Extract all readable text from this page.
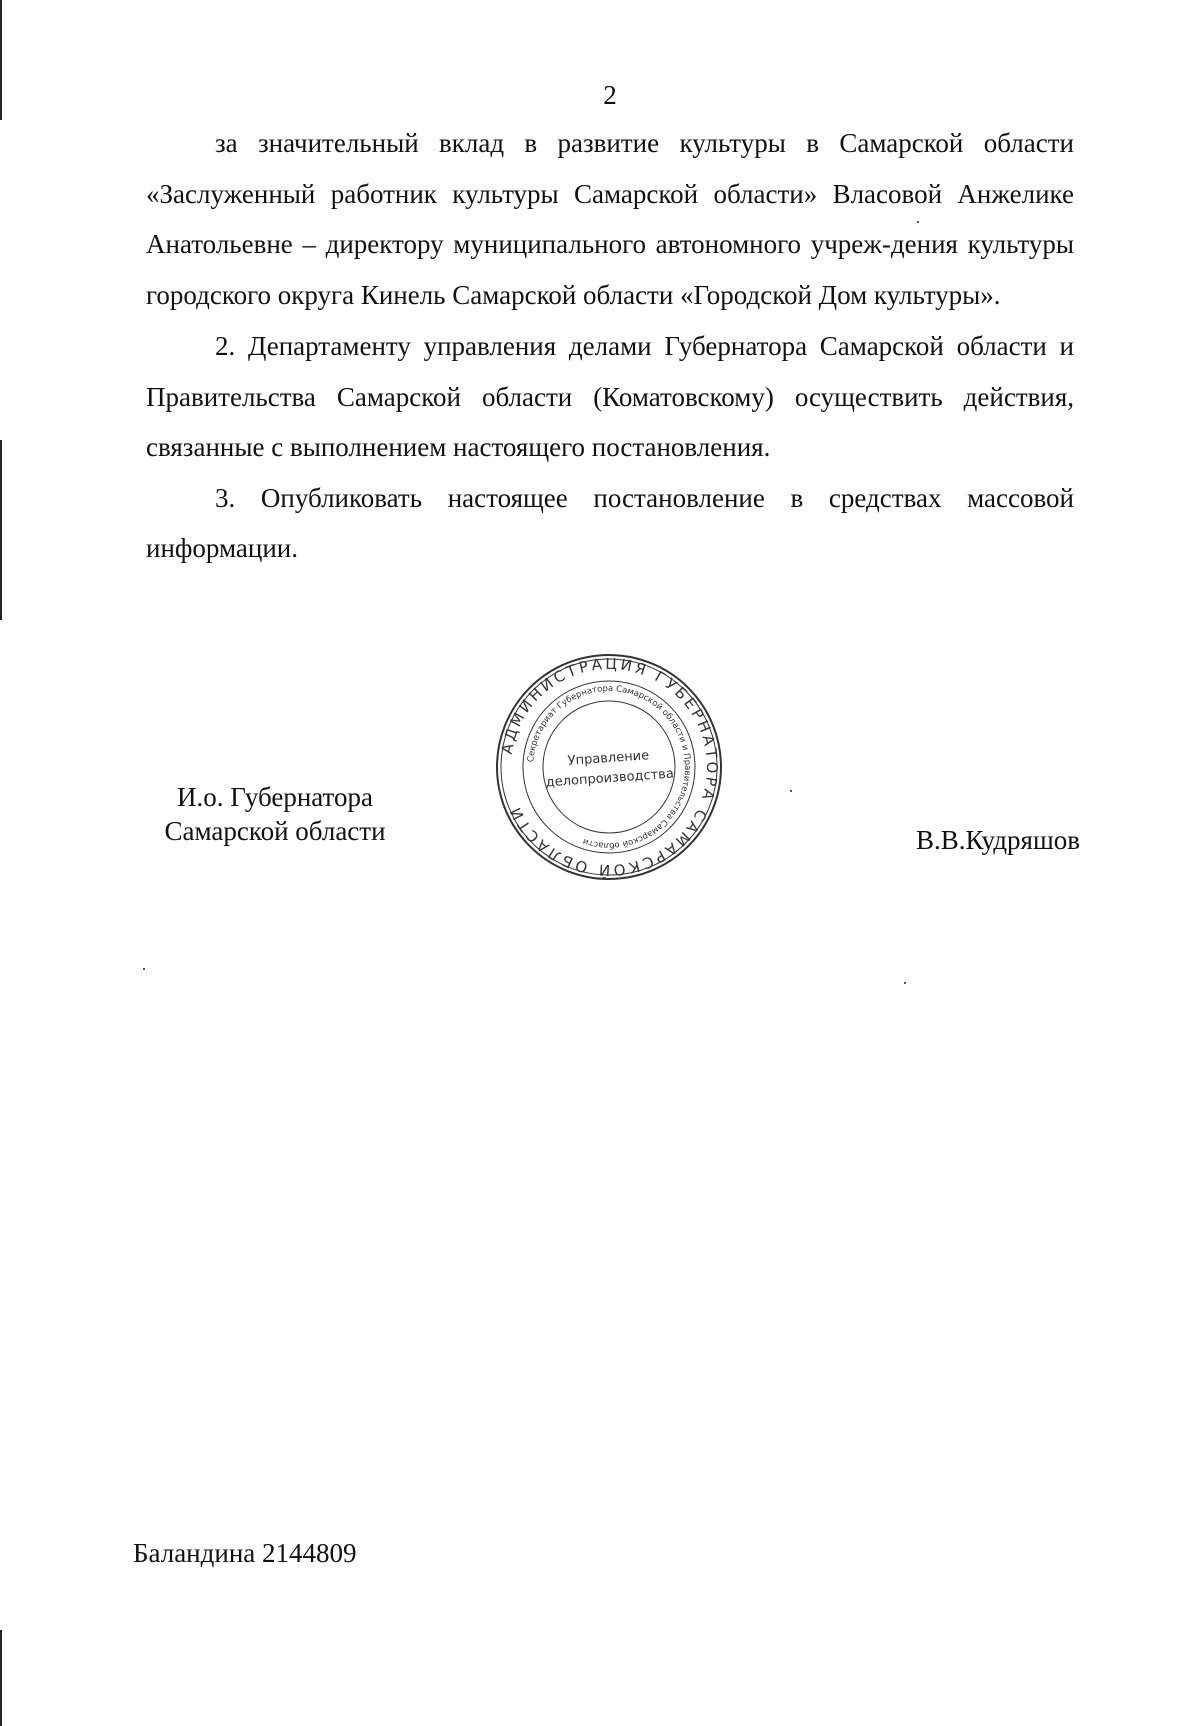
2

за значительный вклад в развитие культуры в Самарской области «Заслуженный работник культуры Самарской области» Власовой Анжелике Анатольевне – директору муниципального автономного учреж-дения культуры городского округа Кинель Самарской области «Городской Дом культуры».

2. Департаменту управления делами Губернатора Самарской области и Правительства Самарской области (Коматовскому) осуществить действия, связанные с выполнением настоящего постановления.

3. Опубликовать настоящее постановление в средствах массовой информации.

И.о. Губернатора
Самарской области
АДМИНИСТРАЦИЯ ГУБЕРНАТОРА САМАРСКОЙ ОБЛАСТИ
Секретариат Губернатора Самарской области и Правительства Самарской области
Управление
делопроизводства
В.В.Кудряшов
Баландина 2144809
